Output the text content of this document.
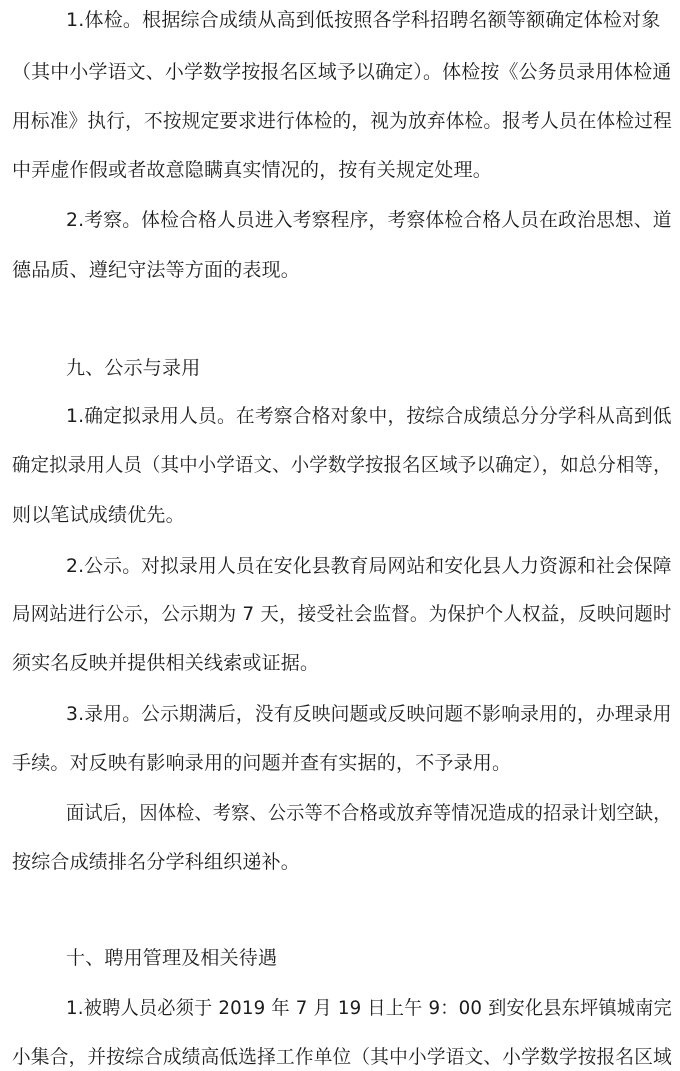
1.体检。根据综合成绩从高到低按照各学科招聘名额等额确定体检对象
（其中小学语文、小学数学按报名区域予以确定）。体检按《公务员录用体检通
用标准》执行，不按规定要求进行体检的，视为放弃体检。报考人员在体检过程
中弄虚作假或者故意隐瞒真实情况的，按有关规定处理。
2.考察。体检合格人员进入考察程序，考察体检合格人员在政治思想、道
德品质、遵纪守法等方面的表现。
九、公示与录用
1.确定拟录用人员。在考察合格对象中，按综合成绩总分分学科从高到低
确定拟录用人员（其中小学语文、小学数学按报名区域予以确定），如总分相等，
则以笔试成绩优先。
2.公示。对拟录用人员在安化县教育局网站和安化县人力资源和社会保障
局网站进行公示，公示期为 7 天，接受社会监督。为保护个人权益，反映问题时
须实名反映并提供相关线索或证据。
3.录用。公示期满后，没有反映问题或反映问题不影响录用的，办理录用
手续。对反映有影响录用的问题并查有实据的，不予录用。
面试后，因体检、考察、公示等不合格或放弃等情况造成的招录计划空缺，
按综合成绩排名分学科组织递补。
十、聘用管理及相关待遇
1.被聘人员必须于 2019 年 7 月 19 日上午 9：00 到安化县东坪镇城南完
小集合，并按综合成绩高低选择工作单位（其中小学语文、小学数学按报名区域
